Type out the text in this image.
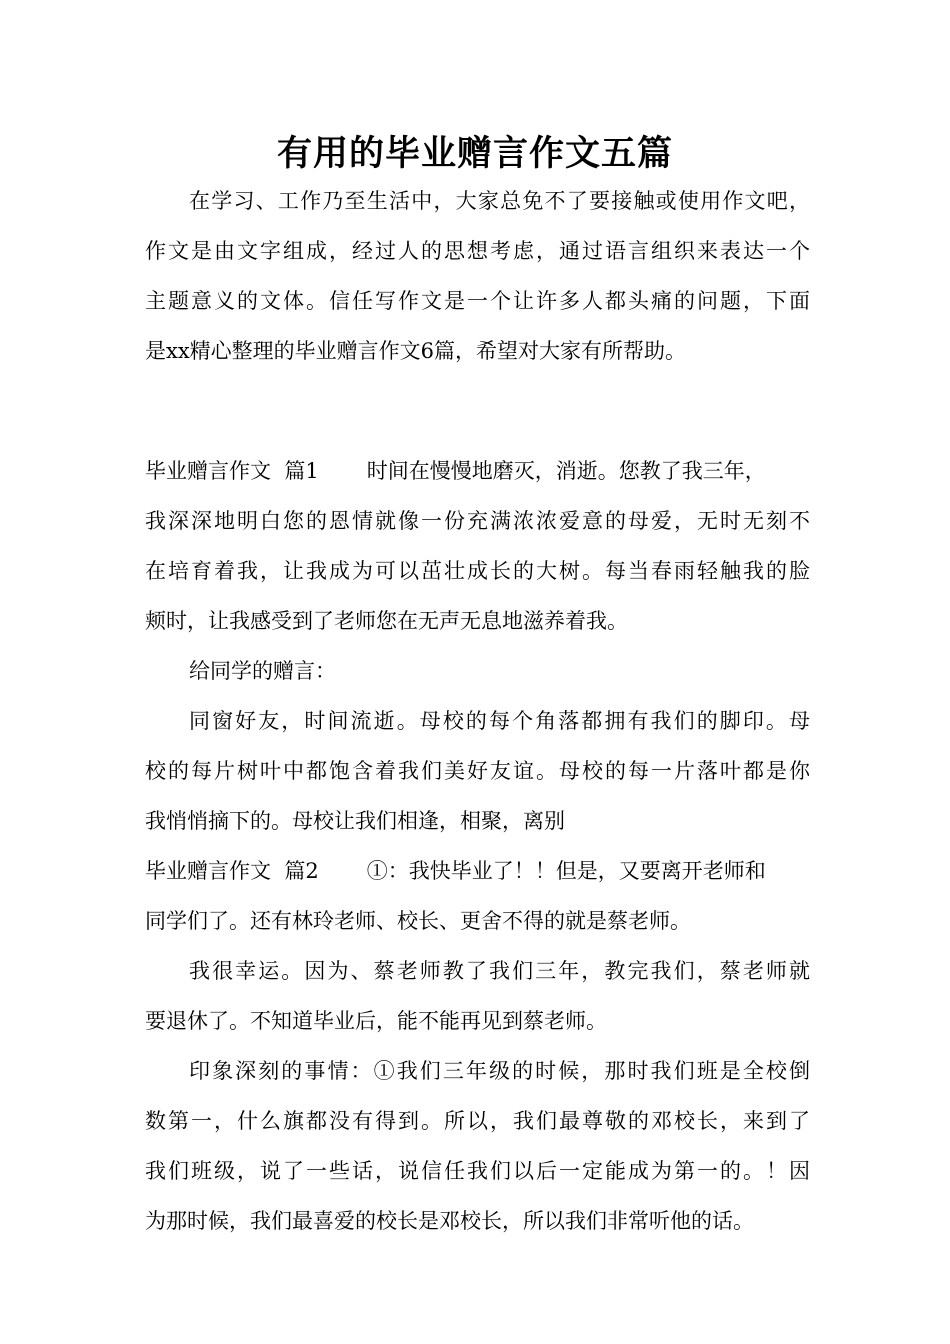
有用的毕业赠言作文五篇
在学习、工作乃至生活中，大家总免不了要接触或使用作文吧，
作文是由文字组成，经过人的思想考虑，通过语言组织来表达一个
主题意义的文体。信任写作文是一个让许多人都头痛的问题，下面
是xx精心整理的毕业赠言作文6篇，希望对大家有所帮助。
毕业赠言作文  篇1 时间在慢慢地磨灭，消逝。您教了我三年，
我深深地明白您的恩情就像一份充满浓浓爱意的母爱，无时无刻不
在培育着我，让我成为可以茁壮成长的大树。每当春雨轻触我的脸
颊时，让我感受到了老师您在无声无息地滋养着我。
给同学的赠言：
同窗好友，时间流逝。母校的每个角落都拥有我们的脚印。母
校的每片树叶中都饱含着我们美好友谊。母校的每一片落叶都是你
我悄悄摘下的。母校让我们相逢，相聚，离别
毕业赠言作文  篇2 ①：我快毕业了！！但是，又要离开老师和
同学们了。还有林玲老师、校长、更舍不得的就是蔡老师。
我很幸运。因为、蔡老师教了我们三年，教完我们，蔡老师就
要退休了。不知道毕业后，能不能再见到蔡老师。
印象深刻的事情：①我们三年级的时候，那时我们班是全校倒
数第一，什么旗都没有得到。所以，我们最尊敬的邓校长，来到了
我们班级，说了一些话，说信任我们以后一定能成为第一的。！因
为那时候，我们最喜爱的校长是邓校长，所以我们非常听他的话。
